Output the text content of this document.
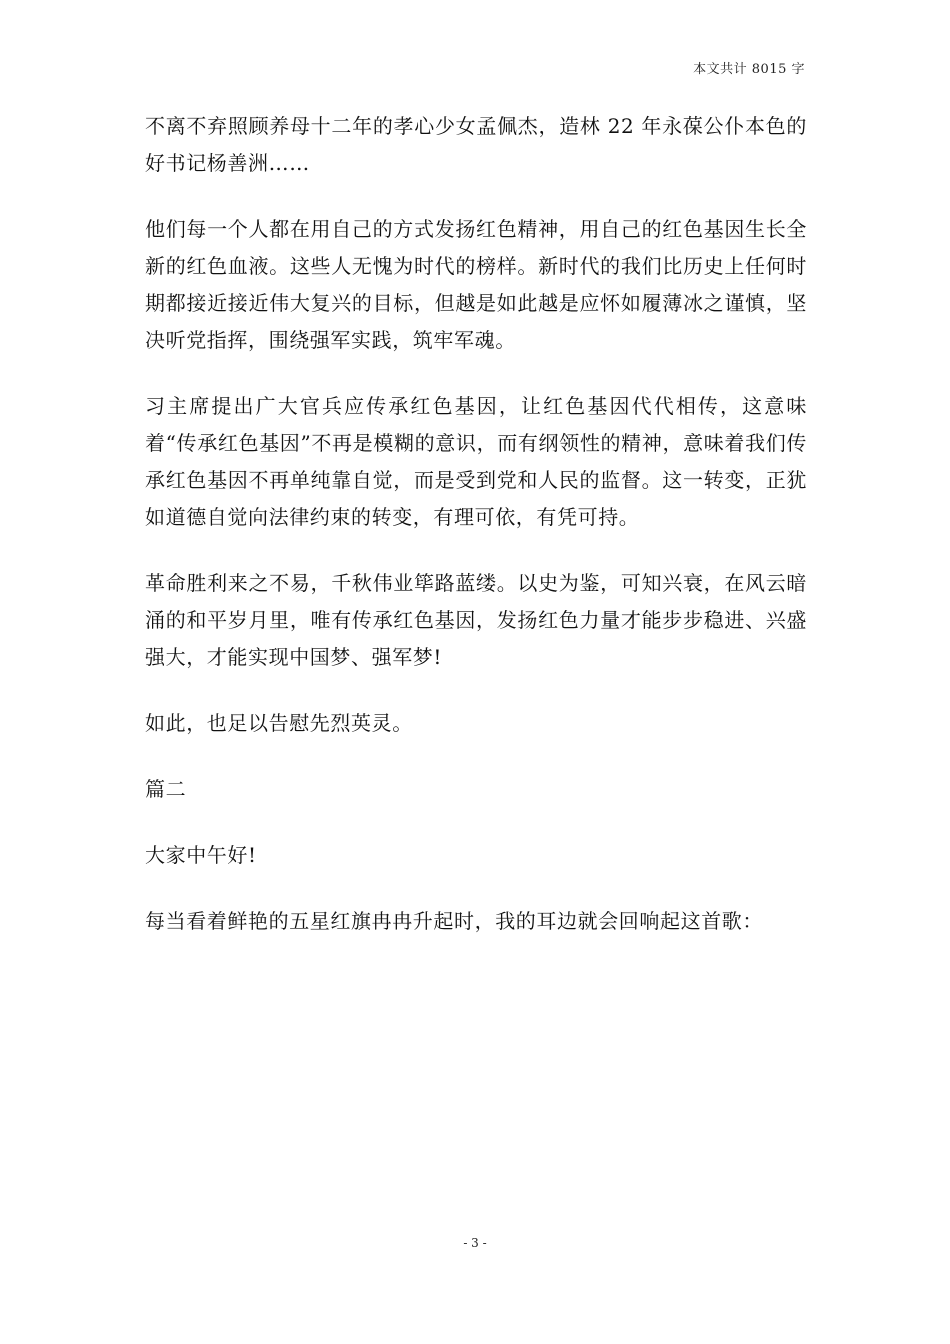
本文共计 8015 字

不离不弃照顾养母十二年的孝心少女孟佩杰，造林 22 年永葆公仆本色的好书记杨善洲……

他们每一个人都在用自己的方式发扬红色精神，用自己的红色基因生长全新的红色血液。这些人无愧为时代的榜样。新时代的我们比历史上任何时期都接近接近伟大复兴的目标，但越是如此越是应怀如履薄冰之谨慎，坚决听党指挥，围绕强军实践，筑牢军魂。

习主席提出广大官兵应传承红色基因，让红色基因代代相传，这意味着“传承红色基因”不再是模糊的意识，而有纲领性的精神，意味着我们传承红色基因不再单纯靠自觉，而是受到党和人民的监督。这一转变，正犹如道德自觉向法律约束的转变，有理可依，有凭可持。

革命胜利来之不易，千秋伟业筚路蓝缕。以史为鉴，可知兴衰，在风云暗涌的和平岁月里，唯有传承红色基因，发扬红色力量才能步步稳进、兴盛强大，才能实现中国梦、强军梦!

如此，也足以告慰先烈英灵。

篇二

大家中午好!

每当看着鲜艳的五星红旗冉冉升起时，我的耳边就会回响起这首歌：

- 3 -
